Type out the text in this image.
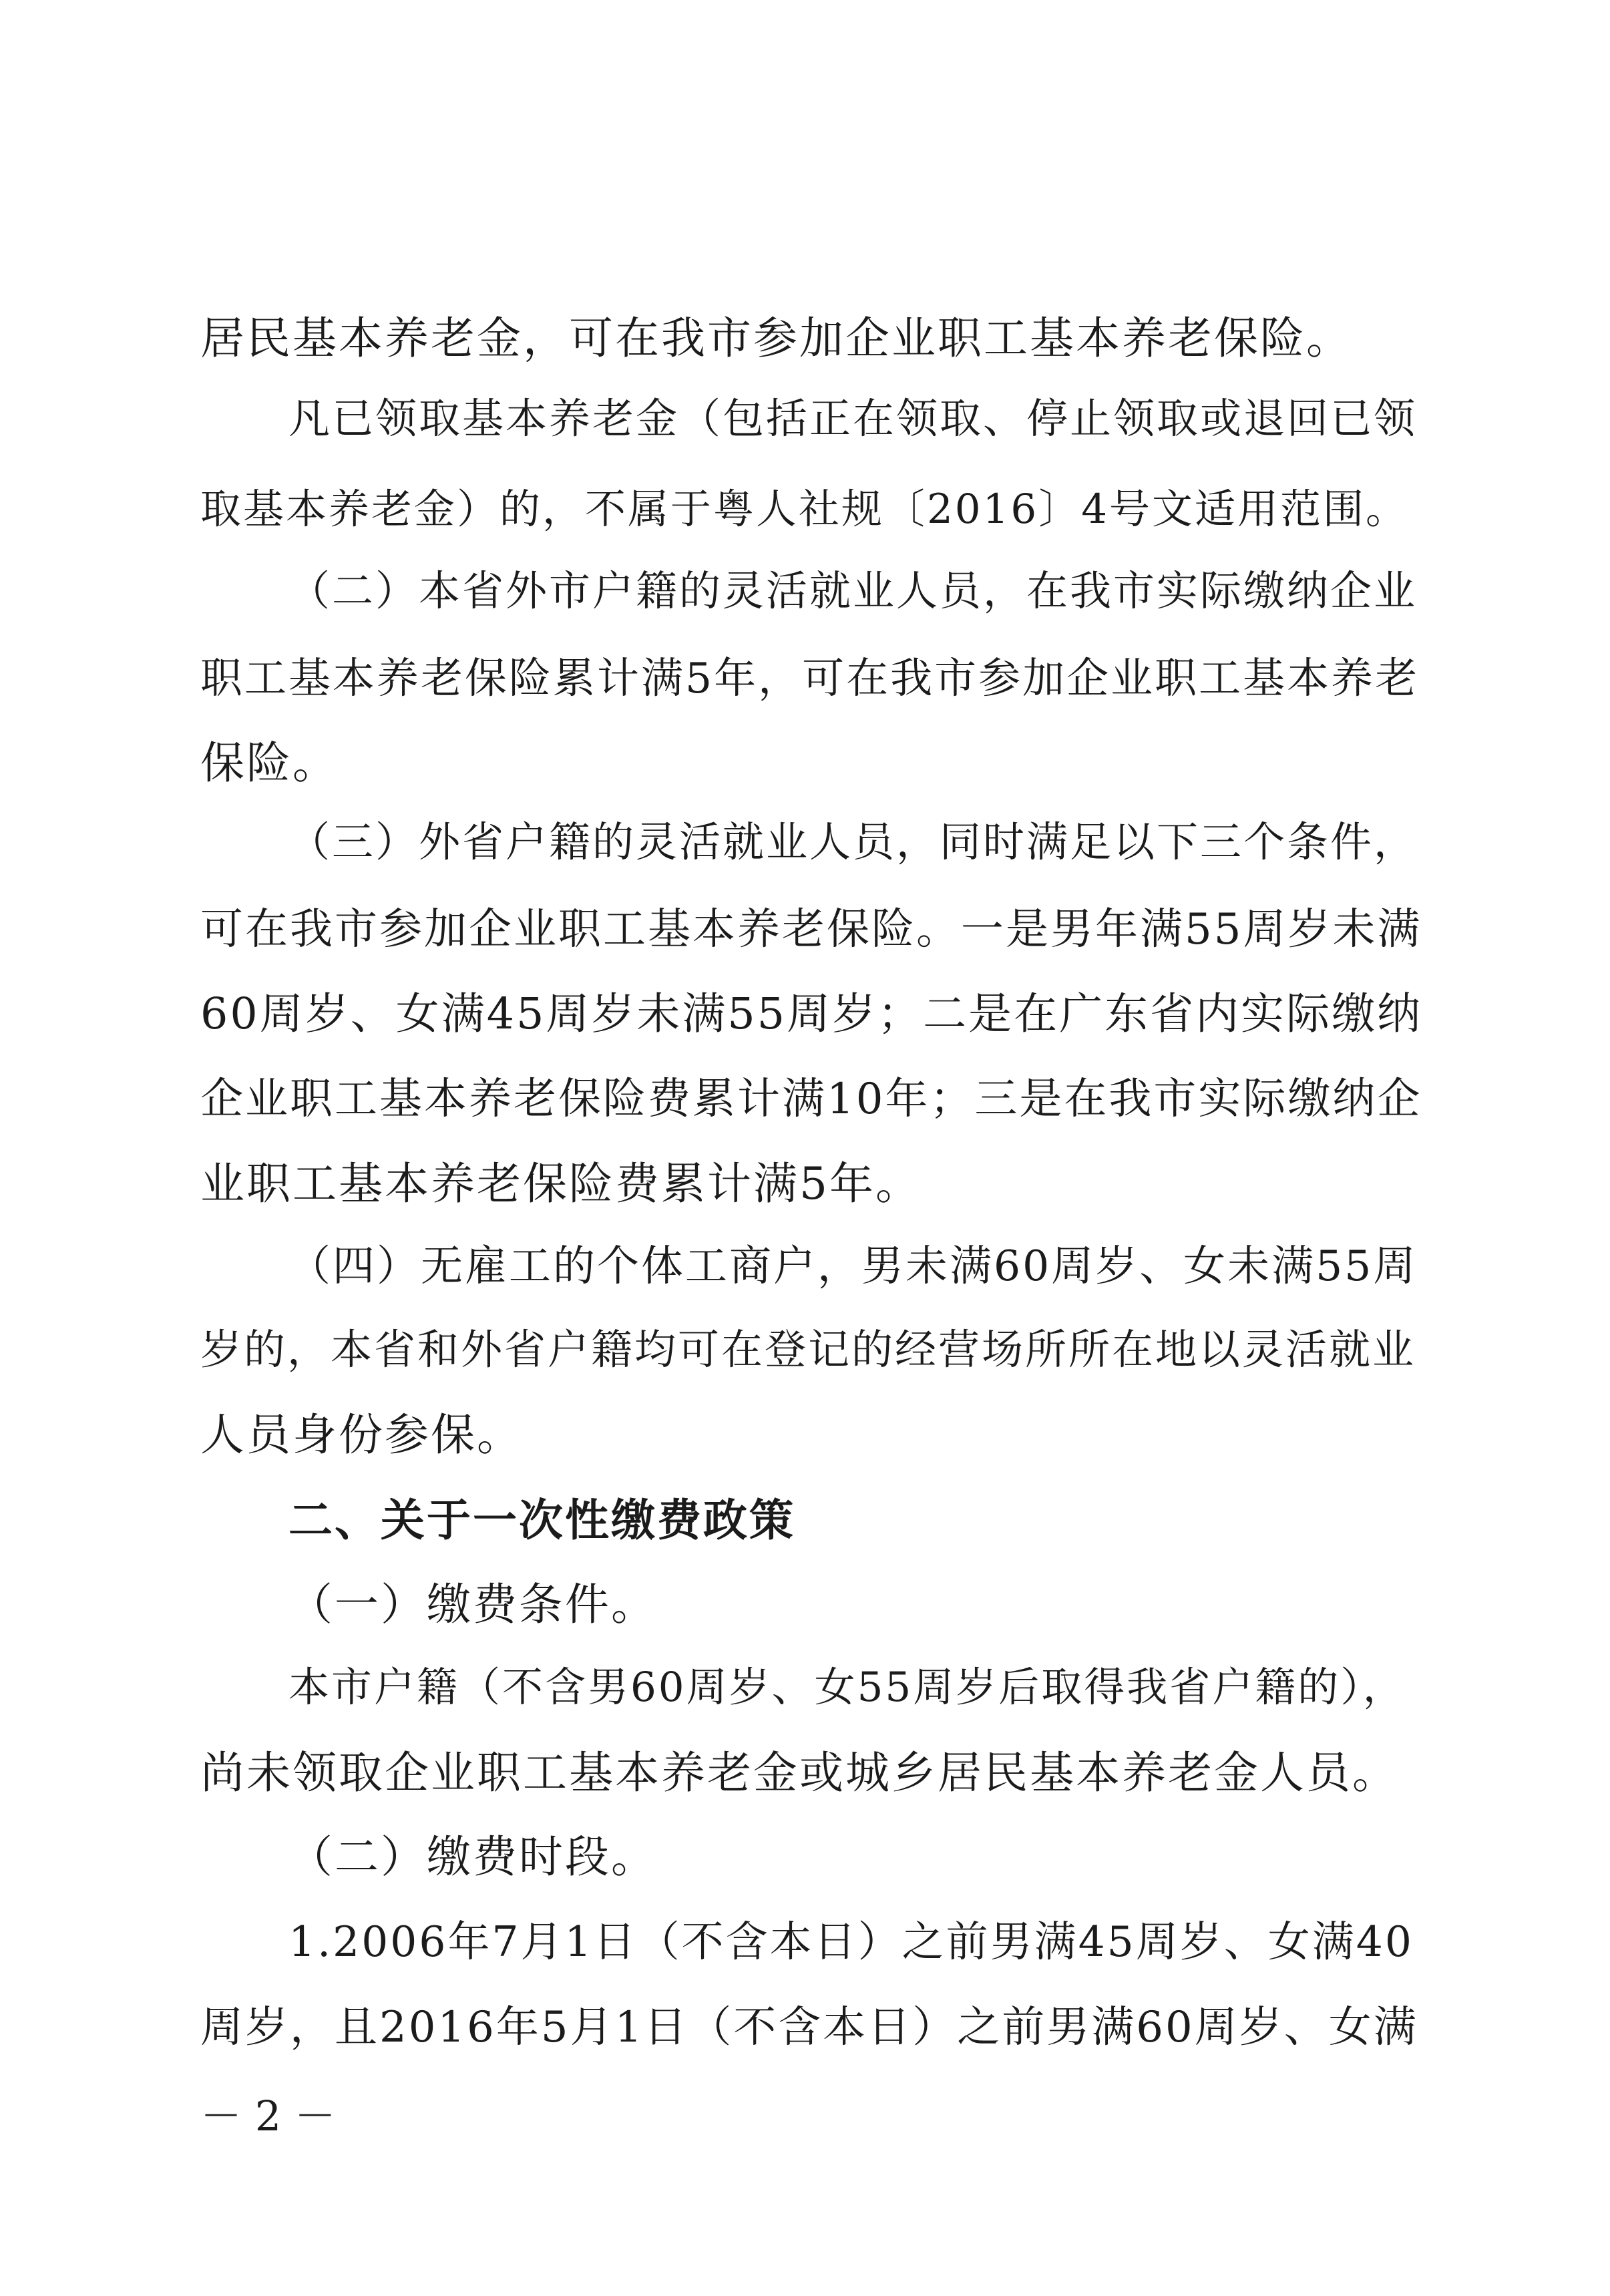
居民基本养老金，可在我市参加企业职工基本养老保险。
凡已领取基本养老金（包括正在领取、停止领取或退回已领
取基本养老金）的，不属于粤人社规〔2016〕4号文适用范围。
（二）本省外市户籍的灵活就业人员，在我市实际缴纳企业
职工基本养老保险累计满5年，可在我市参加企业职工基本养老
保险。
（三）外省户籍的灵活就业人员，同时满足以下三个条件，
可在我市参加企业职工基本养老保险。一是男年满55周岁未满
60周岁、女满45周岁未满55周岁；二是在广东省内实际缴纳
企业职工基本养老保险费累计满10年；三是在我市实际缴纳企
业职工基本养老保险费累计满5年。
（四）无雇工的个体工商户，男未满60周岁、女未满55周
岁的，本省和外省户籍均可在登记的经营场所所在地以灵活就业
人员身份参保。
二、关于一次性缴费政策
（一）缴费条件。
本市户籍（不含男60周岁、女55周岁后取得我省户籍的），
尚未领取企业职工基本养老金或城乡居民基本养老金人员。
（二）缴费时段。
1.2006年7月1日（不含本日）之前男满45周岁、女满40
周岁，且2016年5月1日（不含本日）之前男满60周岁、女满
－ 2 －
